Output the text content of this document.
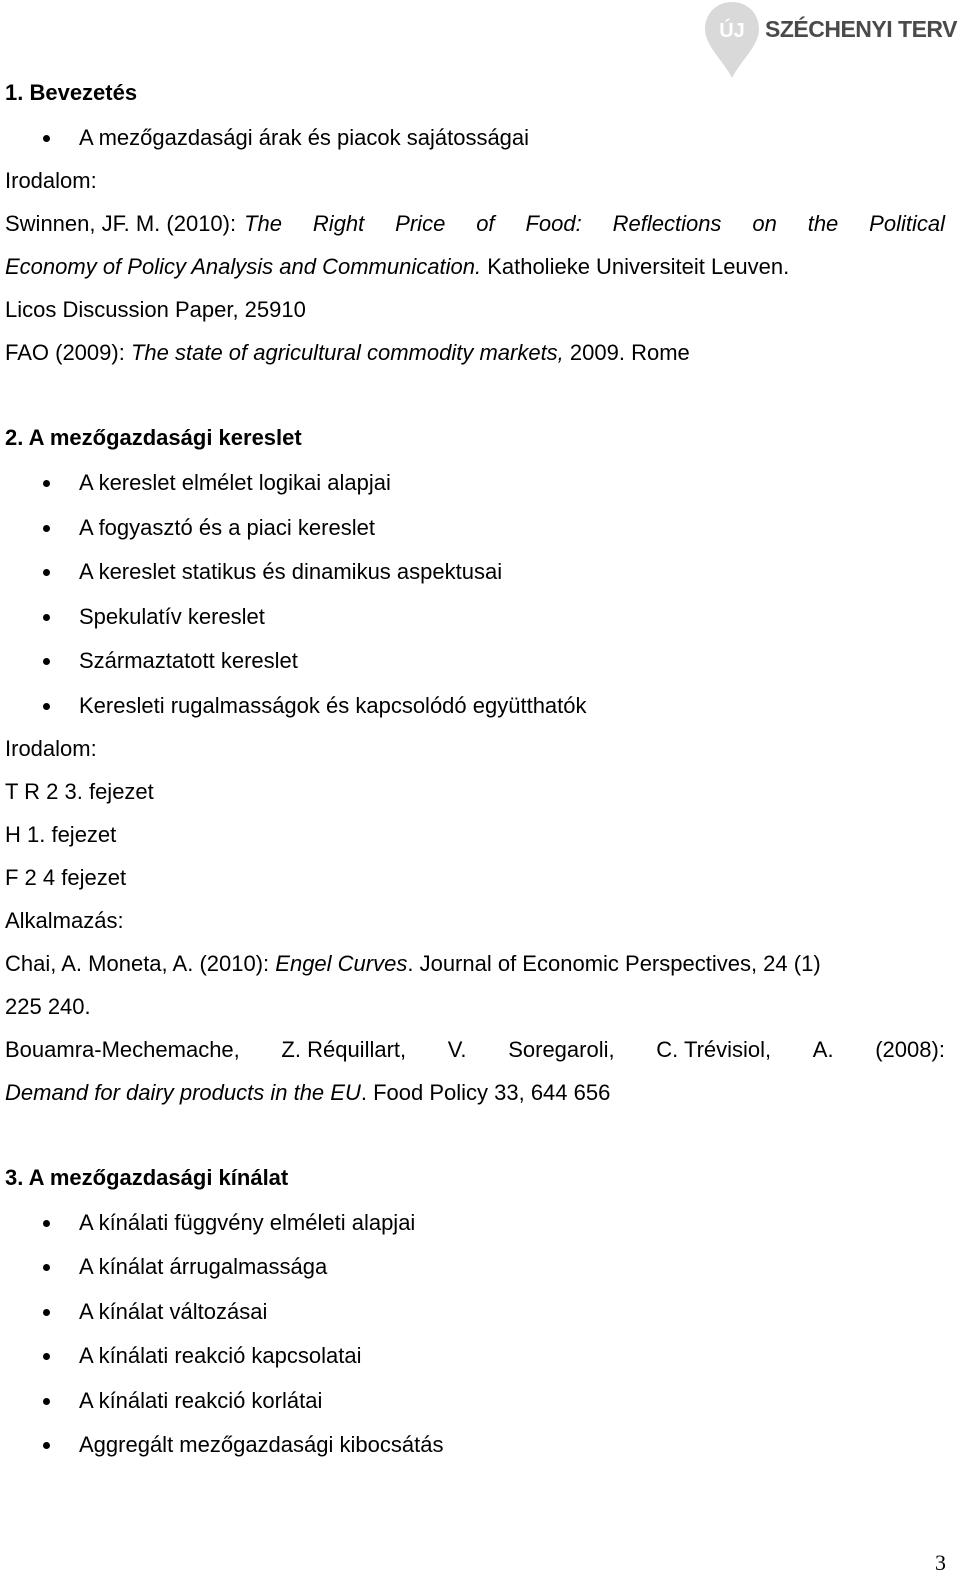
ÚJ SZÉCHENYI TERV
1. Bevezetés
A mezőgazdasági árak és piacok sajátosságai
Irodalom:
Swinnen, JF. M. (2010): The Right Price of Food: Reflections on the Political
Economy of Policy Analysis and Communication. Katholieke Universiteit Leuven.
Licos Discussion Paper, 25910
FAO (2009): The state of agricultural commodity markets, 2009. Rome
2. A mezőgazdasági kereslet
A kereslet elmélet logikai alapjai
A fogyasztó és a piaci kereslet
A kereslet statikus és dinamikus aspektusai
Spekulatív kereslet
Származtatott kereslet
Keresleti rugalmasságok és kapcsolódó együtthatók
Irodalom:
T R 2 3. fejezet
H 1. fejezet
F 2 4 fejezet
Alkalmazás:
Chai, A. Moneta, A. (2010):
Engel Curves . Journal of Economic Perspectives, 24 (1)
225 240.
Bouamra-Mechemache, Z. Réquillart, V. Soregaroli, C. Trévisiol, A. (2008):
Demand for dairy products in the EU. Food Policy 33, 644 656
3. A mezőgazdasági kínálat
A kínálati függvény elméleti alapjai
A kínálat árrugalmassága
A kínálat változásai
A kínálati reakció kapcsolatai
A kínálati reakció korlátai
Aggregált mezőgazdasági kibocsátás
3
